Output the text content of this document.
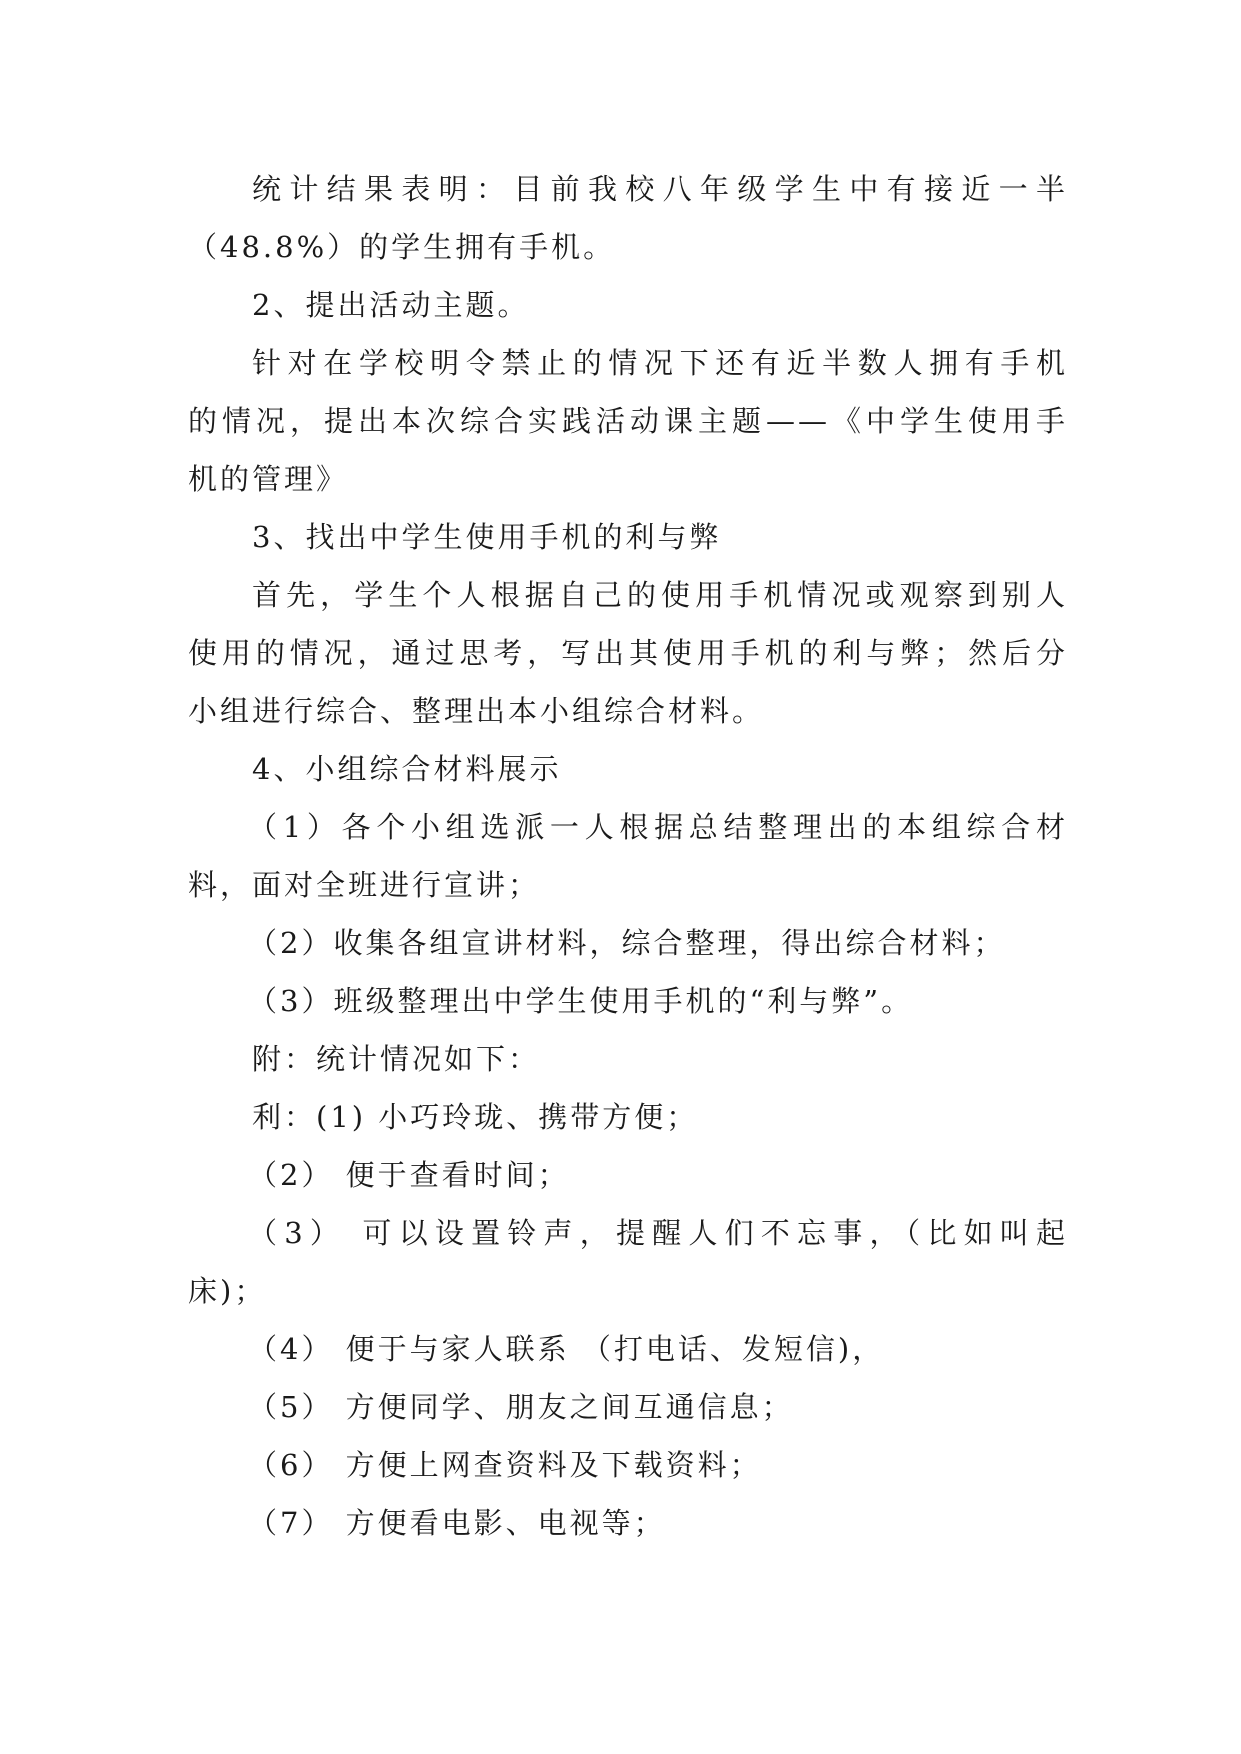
统计结果表明：目前我校八年级学生中有接近一半
（48.8%）的学生拥有手机。
2、提出活动主题。
针对在学校明令禁止的情况下还有近半数人拥有手机
的情况，提出本次综合实践活动课主题——《中学生使用手
机的管理》
3、找出中学生使用手机的利与弊
首先，学生个人根据自己的使用手机情况或观察到别人
使用的情况，通过思考，写出其使用手机的利与弊；然后分
小组进行综合、整理出本小组综合材料。
4、小组综合材料展示
（1）各个小组选派一人根据总结整理出的本组综合材
料，面对全班进行宣讲；
（2）收集各组宣讲材料，综合整理，得出综合材料；
（3）班级整理出中学生使用手机的“利与弊”。
附：统计情况如下：
利：(1) 小巧玲珑、携带方便；
（2） 便于查看时间；
（3） 可以设置铃声，提醒人们不忘事，（比如叫起
床)；
（4） 便于与家人联系 （打电话、发短信)，
（5） 方便同学、朋友之间互通信息；
（6） 方便上网查资料及下载资料；
（7） 方便看电影、电视等；
